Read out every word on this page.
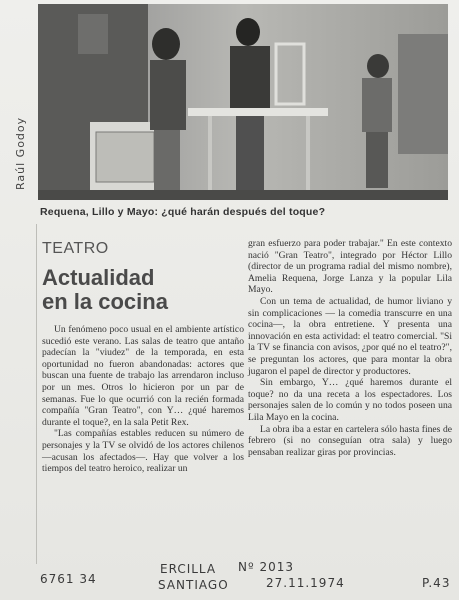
Requena, Lillo y Mayo: ¿qué harán después del toque?
Raúl Godoy
TEATRO
Actualidad
en la cocina

Un fenómeno poco usual en el ambiente artístico sucedió este verano. Las salas de teatro que antaño padecían la "viudez" de la temporada, en esta oportunidad no fueron abandonadas: actores que buscan una fuente de trabajo las arrendaron incluso por un mes. Otros lo hicieron por un par de semanas. Fue lo que ocurrió con la recién formada compañía "Gran Teatro", con Y… ¿qué haremos durante el toque?, en la sala Petit Rex.

"Las compañías estables reducen su número de personajes y la TV se olvidó de los actores chilenos —acusan los afectados—. Hay que volver a los tiempos del teatro heroico, realizar un

gran esfuerzo para poder trabajar." En este contexto nació "Gran Teatro", integrado por Héctor Lillo (director de un programa radial del mismo nombre), Amelia Requena, Jorge Lanza y la popular Lila Mayo.

Con un tema de actualidad, de humor liviano y sin complicaciones — la comedia transcurre en una cocina—, la obra entretiene. Y presenta una innovación en esta actividad: el teatro comercial. "Si la TV se financia con avisos, ¿por qué no el teatro?", se preguntan los actores, que para montar la obra jugaron el papel de director y productores.

Sin embargo, Y… ¿qué haremos durante el toque? no da una receta a los espectadores. Los personajes salen de lo común y no todos poseen una Lila Mayo en la cocina.

La obra iba a estar en cartelera sólo hasta fines de febrero (si no conseguían otra sala) y luego pensaban realizar giras por provincias.

6761 34
ERCILLA Nº 2013
SANTIAGO	27.11.1974	P.43
